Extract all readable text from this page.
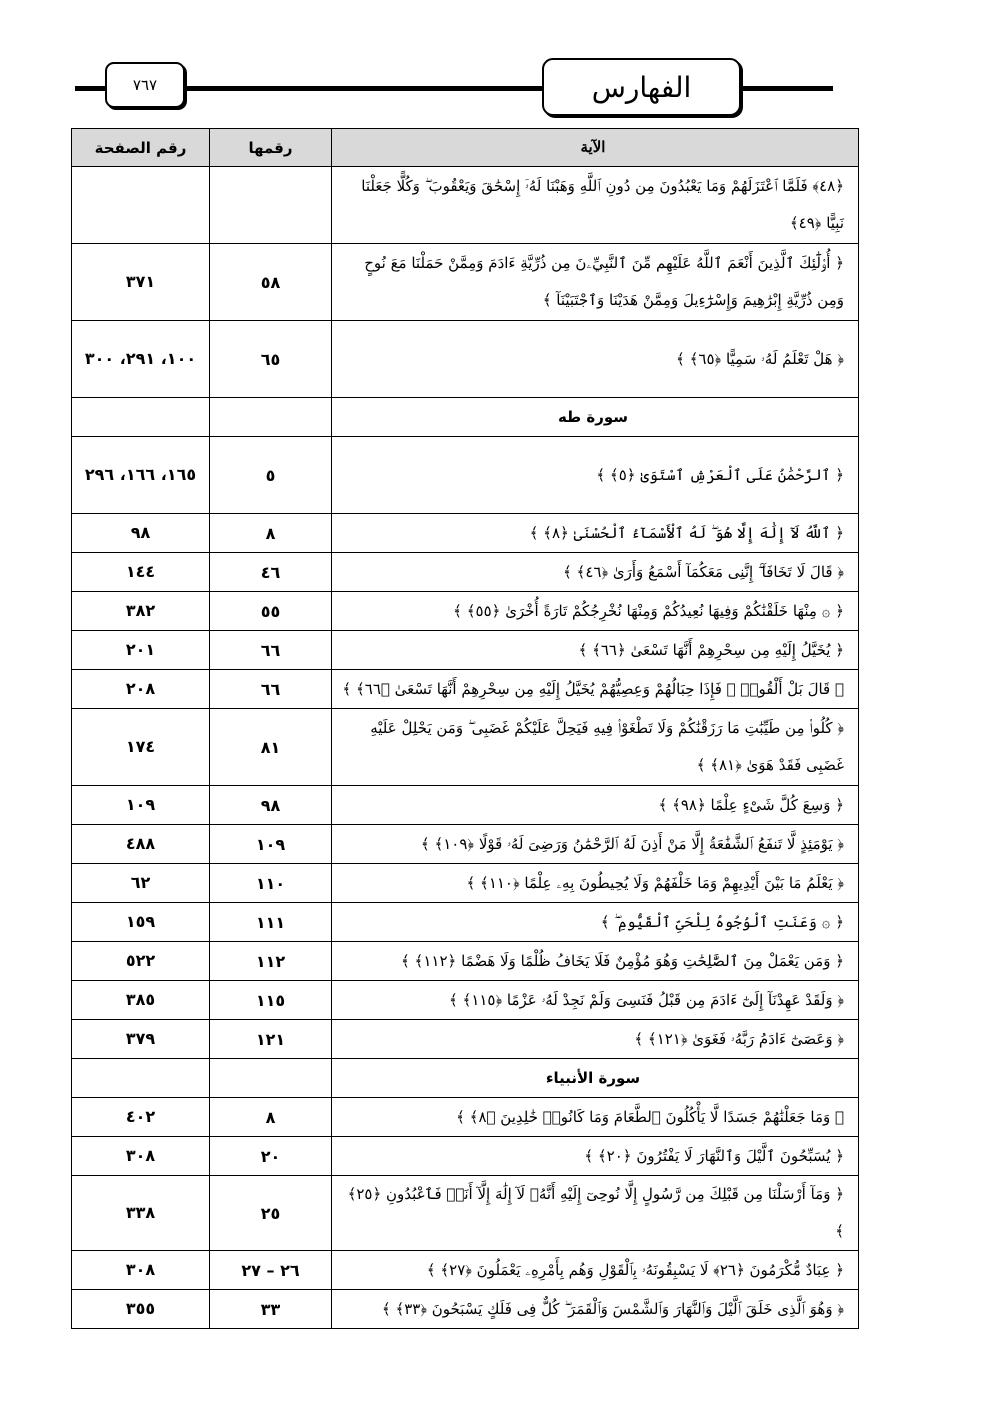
٧٦٧	الفهارس
الآية	رقمها	رقم الصفحة
﴿٤٨﴾ فَلَمَّا ٱعْتَزَلَهُمْ وَمَا يَعْبُدُونَ مِن دُونِ ٱللَّهِ وَهَبْنَا لَهُۥٓ إِسْحَٰقَ وَيَعْقُوبَ ۖ وَكُلًّا جَعَلْنَا نَبِيًّا ﴿٤٩﴾		
﴿ أُو۟لَٰٓئِكَ ٱلَّذِينَ أَنْعَمَ ٱللَّهُ عَلَيْهِم مِّنَ ٱلنَّبِيِّۦنَ مِن ذُرِّيَّةِ ءَادَمَ وَمِمَّنْ حَمَلْنَا مَعَ نُوحٍ وَمِن ذُرِّيَّةِ إِبْرَٰهِيمَ وَإِسْرَٰٓءِيلَ وَمِمَّنْ هَدَيْنَا وَٱجْتَبَيْنَآ ﴾	٥٨	٣٧١
﴿ هَلْ تَعْلَمُ لَهُۥ سَمِيًّا ﴿٦٥﴾ ﴾	٦٥	١٠٠، ٢٩١، ٣٠٠
سورة طه		
﴿ ٱلرَّحْمَٰنُ عَلَى ٱلْعَرْشِ ٱسْتَوَىٰ ﴿٥﴾ ﴾	٥	١٦٥، ١٦٦، ٢٩٦
﴿ ٱللَّهُ لَآ إِلَٰهَ إِلَّا هُوَ ۖ لَهُ ٱلْأَسْمَآءُ ٱلْحُسْنَىٰ ﴿٨﴾ ﴾	٨	٩٨
﴿ قَالَ لَا تَخَافَآ ۖ إِنَّنِى مَعَكُمَآ أَسْمَعُ وَأَرَىٰ ﴿٤٦﴾ ﴾	٤٦	١٤٤
﴿ ۞ مِنْهَا خَلَقْنَٰكُمْ وَفِيهَا نُعِيدُكُمْ وَمِنْهَا نُخْرِجُكُمْ تَارَةً أُخْرَىٰ ﴿٥٥﴾ ﴾	٥٥	٣٨٢
﴿ يُخَيَّلُ إِلَيْهِ مِن سِحْرِهِمْ أَنَّهَا تَسْعَىٰ ﴿٦٦﴾ ﴾	٦٦	٢٠١
﴿ قَالَ بَلْ أَلْقُوا۟ ۖ فَإِذَا حِبَالُهُمْ وَعِصِيُّهُمْ يُخَيَّلُ إِلَيْهِ مِن سِحْرِهِمْ أَنَّهَا تَسْعَىٰ ﴿٦٦﴾ ﴾	٦٦	٢٠٨
﴿ كُلُوا۟ مِن طَيِّبَٰتِ مَا رَزَقْنَٰكُمْ وَلَا تَطْغَوْا۟ فِيهِ فَيَحِلَّ عَلَيْكُمْ غَضَبِى ۖ وَمَن يَحْلِلْ عَلَيْهِ غَضَبِى فَقَدْ هَوَىٰ ﴿٨١﴾ ﴾	٨١	١٧٤
﴿ وَسِعَ كُلَّ شَىْءٍ عِلْمًا ﴿٩٨﴾ ﴾	٩٨	١٠٩
﴿ يَوْمَئِذٍ لَّا تَنفَعُ ٱلشَّفَٰعَةُ إِلَّا مَنْ أَذِنَ لَهُ ٱلرَّحْمَٰنُ وَرَضِىَ لَهُۥ قَوْلًا ﴿١٠٩﴾ ﴾	١٠٩	٤٨٨
﴿ يَعْلَمُ مَا بَيْنَ أَيْدِيهِمْ وَمَا خَلْفَهُمْ وَلَا يُحِيطُونَ بِهِۦ عِلْمًا ﴿١١٠﴾ ﴾	١١٠	٦٢
﴿ ۞ وَعَنَتِ ٱلْوُجُوهُ لِلْحَىِّ ٱلْقَيُّومِ ۖ ﴾	١١١	١٥٩
﴿ وَمَن يَعْمَلْ مِنَ ٱلصَّٰلِحَٰتِ وَهُوَ مُؤْمِنٌ فَلَا يَخَافُ ظُلْمًا وَلَا هَضْمًا ﴿١١٢﴾ ﴾	١١٢	٥٢٢
﴿ وَلَقَدْ عَهِدْنَآ إِلَىٰٓ ءَادَمَ مِن قَبْلُ فَنَسِىَ وَلَمْ نَجِدْ لَهُۥ عَزْمًا ﴿١١٥﴾ ﴾	١١٥	٣٨٥
﴿ وَعَصَىٰٓ ءَادَمُ رَبَّهُۥ فَغَوَىٰ ﴿١٢١﴾ ﴾	١٢١	٣٧٩
سورة الأنبياء		
﴿ وَمَا جَعَلْنَٰهُمْ جَسَدًا لَّا يَأْكُلُونَ ٱلطَّعَامَ وَمَا كَانُوا۟ خَٰلِدِينَ ﴿٨﴾ ﴾	٨	٤٠٢
﴿ يُسَبِّحُونَ ٱلَّيْلَ وَٱلنَّهَارَ لَا يَفْتُرُونَ ﴿٢٠﴾ ﴾	٢٠	٣٠٨
﴿ وَمَآ أَرْسَلْنَا مِن قَبْلِكَ مِن رَّسُولٍ إِلَّا نُوحِىٓ إِلَيْهِ أَنَّهُۥ لَآ إِلَٰهَ إِلَّآ أَنَا۠ فَٱعْبُدُونِ ﴿٢٥﴾ ﴾	٢٥	٣٣٨
﴿ عِبَادٌ مُّكْرَمُونَ ﴿٢٦﴾ لَا يَسْبِقُونَهُۥ بِٱلْقَوْلِ وَهُم بِأَمْرِهِۦ يَعْمَلُونَ ﴿٢٧﴾ ﴾	٢٦ – ٢٧	٣٠٨
﴿ وَهُوَ ٱلَّذِى خَلَقَ ٱلَّيْلَ وَٱلنَّهَارَ وَٱلشَّمْسَ وَٱلْقَمَرَ ۖ كُلٌّ فِى فَلَكٍ يَسْبَحُونَ ﴿٣٣﴾ ﴾	٣٣	٣٥٥
